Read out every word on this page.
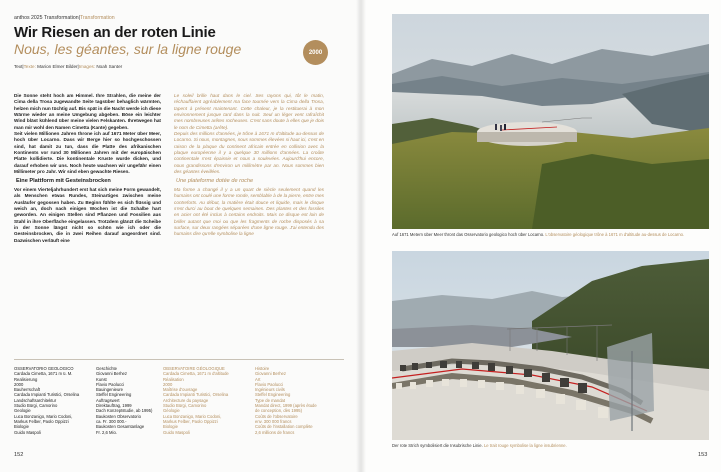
anthos 2025 Transformation|Transformation
Wir Riesen an der roten Linie
Nous, les géantes, sur la ligne rouge	2000
Text|Texte: Marion Elmer Bilder|Images: Noah Santer

Die Sonne steht hoch am Himmel. Ihre Strahlen, die meine der Cima della Trosa zugewandte Seite tagsüber behaglich wärmten, helzen mich nun tüchtig auf. Bis spät in die Nacht werde ich diese Wärme wieder an meine Umgebung abgeben. Böse ein leichter Wind bläst kühlend über meine vielen Felskanten. Ihretwegen hat man mir wohl den Namen Cimetta (Kante) gegeben.

Seit vielen Millionen Jahren throne ich auf 1671 Meter über Meer, hoch über Locarno. Dass wir Berge hier so hochgeschossen sind, hat damit zu tun, dass die Platte des afrikanischen Kontinents vor rund 30 Millionen Jahren mit der europäischen Platte kollidierte. Die kontinentale Kruste wurde dicken, und darauf erhoben wir uns. Noch heute wachsen wir ungefähr einen Millimeter pro Jahr. Wir sind eben gewachte Riesen.

Eine Plattform mit Gesteinsbrocken

Vor einem Vierteljahrhundert erst hat sich meine Form gewandelt, als Menschen etwas Rundes, Steinartiges zwischen meine Ausläufer gegossen haben. Zu Beginn fühlte es sich flüssig und weich an, doch nach einigen Wochen ist die Schalbe hart geworden. An einigen Stellen sind Pflanzen und Fossilien aus Stahl in ihre Oberfläche eingelassen. Trotzdem glänzt die Scheibe in der Sonne längst nicht so schön wie ich oder die Gesteinsbrocken, die in zwei Reihen darauf angeordnet sind. Dazwischen verläuft eine

Le soleil brille haut dans le ciel. Ses rayons qui, tôt le matin, réchauffaient agréablement ma face tournée vers la Cima della Trosa, tapent à présent maintenant. Cette chaleur, je la restituerai à mon environnement jusque tard dans la nuit. Seul un léger vent rafraîchit mes nombreuses arêtes rocheuses. C'est sans doute à elles que je dois le nom de Cimetta (arête).

Depuis des millions d'années, je trône à 1671 m d'altitude au-dessus de Locarno. Si nous, montagnes, nous sommes élevées si haut ici, c'est en raison de la plaque du continent africain entrée en collision avec la plaque européenne il y a quelque 30 millions d'années. La croûte continentale s'est épaissie et nous a soulevées. Aujourd'hui encore, nous grandissons d'environ un millimètre par an. Nous sommes bien des géantes éveillées.

Une plateforme dotée de roche

Ma forme a changé il y a un quart de siècle seulement quand les humains ont coulé une forme ronde, semblable à de la pierre, entre mes contreforts. Au début, la matière était douce et liquide, mais le disque s'est durci au bout de quelques semaines. Des plantes et des fossiles en acier ont été inclus à certains endroits. Mais ce disque est loin de briller autant que moi ou que les fragments de roche disposés à sa surface, sur deux rangées séparées d'une ligne rouge. J'ai entendu des humains dire qu'elle symbolise la ligne

OSSERVATORIO GEOLOGICO
Cardada Cimetta, 1671 m ü. M.
Realisierung
2000
Bauherrschaft
Cardada Impianti Turistici, Orselina
Landschaftsarchitektur
Studio Bürgi, Camorino
Geologie
Luca Bonzanigo, Mario Codoni,
Markus Felber, Paolo Oppizzi
Biologie
Guido Maspoli
Geschichte
Giovanni Berhez
Kunst
Flavio Paolucci
Bauingenieure
Steffel Engineering
Auftragswert
Direktauftrag, 1999
Dach Konzeptstudie, ab 1995)
Baukosten Observatorio
ca. Fr. 300 000.-
Baukosten Gesamtanlage
Fr. 2,6 Mio.
OBSERVATOIRE GÉOLOGIQUE
Cardada Cimetta, 1671 m d'altitude
Réalisation
2000
Maîtrise d'ouvrage
Cardada Impianti Turistici, Orselina
Architecture du paysage
Studio Bürgi, Camorino
Géologie
Luca Bonzanigo, Mario Codoni,
Markus Felber, Paolo Oppizzi
Biologie
Guido Maspoli
Histoire
Giovanni Berhez
Art
Flavio Paolucci
Ingénieurs civils
Steffel Engineering
Type de mandat
Mandat direct, 1999 (après étude
de conception, dès 1995)
Coûts de l'observatoire
env. 300 000 francs
Coûts de l'installation complète
2,6 millions de francs
152	153
Auf 1671 Metern über Meer thront das Osservatorio geologico hoch über Locarno. L'observatoire géologique trône à 1671 m d'altitude au-dessus de Locarno.
Der rote Strich symbolisiert die Insubrische Linie. Le trait rouge symbolise la ligne insubrienne.
